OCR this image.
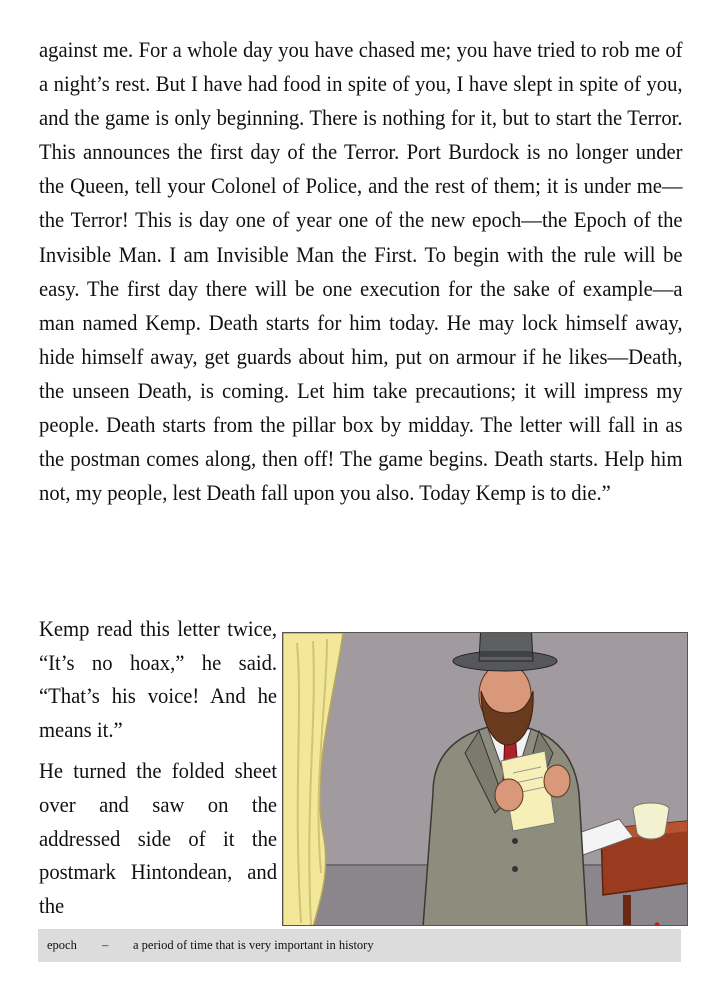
against me. For a whole day you have chased me; you have tried to rob me of a night’s rest. But I have had food in spite of you, I have slept in spite of you, and the game is only beginning. There is nothing for it, but to start the Terror. This announces the first day of the Terror. Port Burdock is no longer under the Queen, tell your Colonel of Police, and the rest of them; it is under me—the Terror! This is day one of year one of the new epoch—the Epoch of the Invisible Man. I am Invisible Man the First. To begin with the rule will be easy. The first day there will be one execution for the sake of example—a man named Kemp. Death starts for him today. He may lock himself away, hide himself away, get guards about him, put on armour if he likes—Death, the unseen Death, is coming. Let him take precautions; it will impress my people. Death starts from the pillar box by midday. The letter will fall in as the postman comes along, then off! The game begins. Death starts. Help him not, my people, lest Death fall upon you also. Today Kemp is to die.”

Kemp read this letter twice, “It’s no hoax,” he said. “That’s his voice! And he means it.”

He turned the folded sheet over and saw on the addressed side of it the postmark Hintondean, and the

epoch – a period of time that is very important in history
